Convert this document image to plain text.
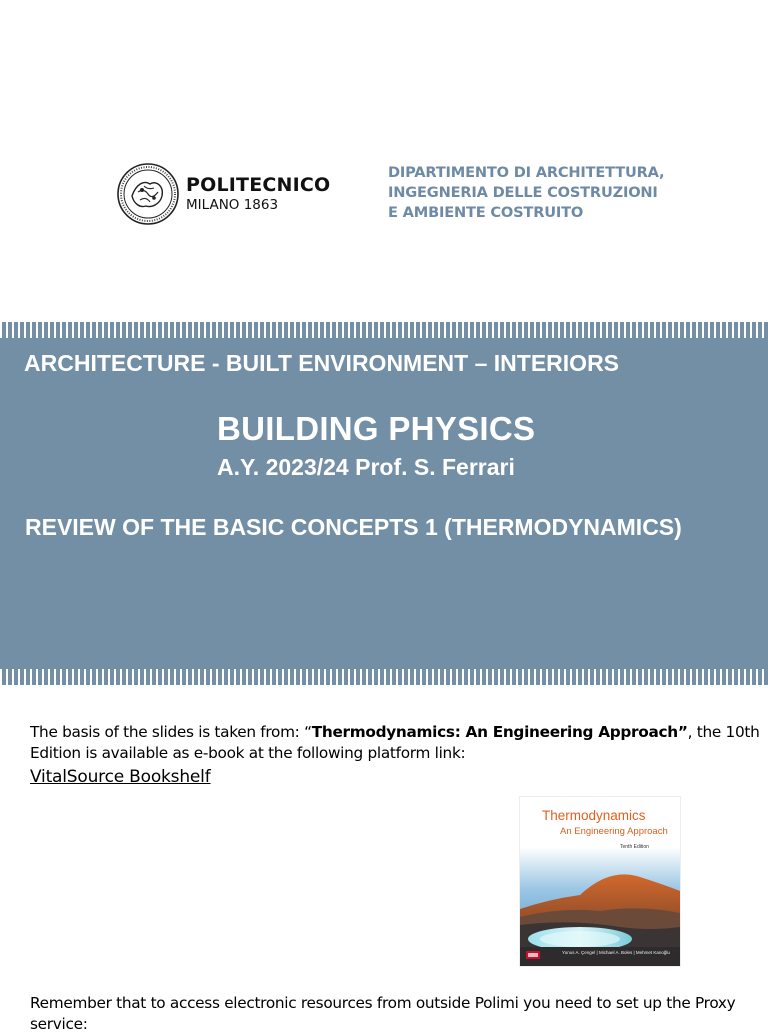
POLITECNICO
MILANO 1863
DIPARTIMENTO DI ARCHITETTURA,
INGEGNERIA DELLE COSTRUZIONI
E AMBIENTE COSTRUITO
ARCHITECTURE - BUILT ENVIRONMENT – INTERIORS
BUILDING PHYSICS
A.Y. 2023/24 Prof. S. Ferrari
REVIEW OF THE BASIC CONCEPTS 1 (THERMODYNAMICS)
The basis of the slides is taken from: “Thermodynamics: An Engineering Approach”, the 10th Edition is available as e-book at the following platform link:
VitalSource Bookshelf
Thermodynamics
An Engineering Approach
Tenth Edition
Yunus A. Çengel | Michael A. Boles | Mehmet Kanoğlu
Remember that to access electronic resources from outside Polimi you need to set up the Proxy service:
